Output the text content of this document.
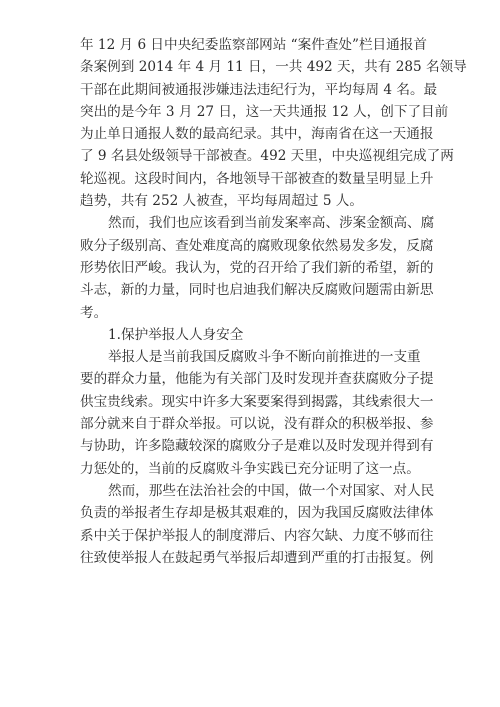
年 12 月 6 日中央纪委监察部网站 “案件查处”栏目通报首
条案例到 2014 年 4 月 11 日，一共 492 天，共有 285 名领导
干部在此期间被通报涉嫌违法违纪行为，平均每周 4 名。最
突出的是今年 3 月 27 日，这一天共通报 12 人，创下了目前
为止单日通报人数的最高纪录。其中，海南省在这一天通报
了 9 名县处级领导干部被查。492 天里，中央巡视组完成了两
轮巡视。这段时间内，各地领导干部被查的数量呈明显上升
趋势，共有 252 人被查，平均每周超过 5 人。
然而，我们也应该看到当前发案率高、涉案金额高、腐
败分子级别高、查处难度高的腐败现象依然易发多发，反腐
形势依旧严峻。我认为，党的召开给了我们新的希望，新的
斗志，新的力量，同时也启迪我们解决反腐败问题需由新思
考。
1.保护举报人人身安全
举报人是当前我国反腐败斗争不断向前推进的一支重
要的群众力量，他能为有关部门及时发现并查获腐败分子提
供宝贵线索。现实中许多大案要案得到揭露，其线索很大一
部分就来自于群众举报。可以说，没有群众的积极举报、参
与协助，许多隐藏较深的腐败分子是难以及时发现并得到有
力惩处的，当前的反腐败斗争实践已充分证明了这一点。
然而，那些在法治社会的中国，做一个对国家、对人民
负责的举报者生存却是极其艰难的，因为我国反腐败法律体
系中关于保护举报人的制度滞后、内容欠缺、力度不够而往
往致使举报人在鼓起勇气举报后却遭到严重的打击报复。例
